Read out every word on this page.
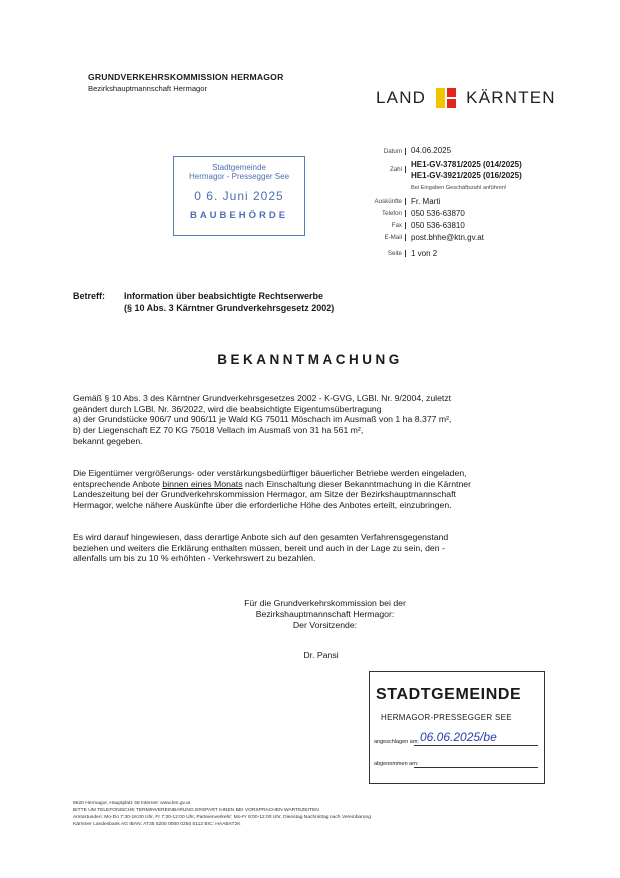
GRUNDVERKEHRSKOMMISSION HERMAGOR
Bezirkshauptmannschaft Hermagor	LAND KÄRNTEN
Stadtgemeinde
Hermagor - Pressegger See
0 6. Juni 2025
BAUBEHÖRDE
Datum	04.06.2025
Zahl
HE1-GV-3781/2025 (014/2025)
HE1-GV-3921/2025 (016/2025)
Bei Eingaben Geschäftszahl anführen!
Auskünfte	Fr. Marti
Telefon	050 536-63870
Fax	050 536-63810
E-Mail	post.bhhe@ktn.gv.at
Seite	1 von 2
Betreff: Information über beabsichtigte Rechtserwerbe
(§ 10 Abs. 3 Kärntner Grundverkehrsgesetz 2002)
BEKANNTMACHUNG
Gemäß § 10 Abs. 3 des Kärntner Grundverkehrsgesetzes 2002 - K-GVG, LGBl. Nr. 9/2004, zuletzt
geändert durch LGBl. Nr. 36/2022, wird die beabsichtigte Eigentumsübertragung
a) der Grundstücke 906/7 und 906/11 je Wald KG 75011 Möschach im Ausmaß von 1 ha 8.377 m²,
b) der Liegenschaft EZ 70 KG 75018 Vellach im Ausmaß von 31 ha 561 m²,
bekannt gegeben.
Die Eigentümer vergrößerungs- oder verstärkungsbedürftiger bäuerlicher Betriebe werden eingeladen,
entsprechende Anbote binnen eines Monats nach Einschaltung dieser Bekanntmachung in die Kärntner
Landeszeitung bei der Grundverkehrskommission Hermagor, am Sitze der Bezirkshauptmannschaft
Hermagor, welche nähere Auskünfte über die erforderliche Höhe des Anbotes erteilt, einzubringen.
Es wird darauf hingewiesen, dass derartige Anbote sich auf den gesamten Verfahrensgegenstand
beziehen und weiters die Erklärung enthalten müssen, bereit und auch in der Lage zu sein, den -
allenfalls um bis zu 10 % erhöhten - Verkehrswert zu bezahlen.
Für die Grundverkehrskommission bei der
Bezirkshauptmannschaft Hermagor:
Der Vorsitzende:
Dr. Pansi
STADTGEMEINDE
HERMAGOR-PRESSEGGER SEE
angeschlagen am: 06.06.2025/be
abgenommen am:
9620 Hermagor, Hauptplatz 48 Internet: www.ktn.gv.at
BITTE UM TELEFONISCHE TERMINVEREINBARUNG ERSPART IHNEN BEI VORSPRACHEN WARTEZEITEN
Amtsstunden: Mo-Do 7:30-16:00 Uhr, Fr 7:30-12:00 Uhr, Parteienverkehr: Mo-Fr 8:00-12:00 Uhr, Dienstag Nachmittag nach Vereinbarung
Kärntner Landesbank AG IBAN: AT35 5200 0000 0250 0112 BIC: HAABAT2K
